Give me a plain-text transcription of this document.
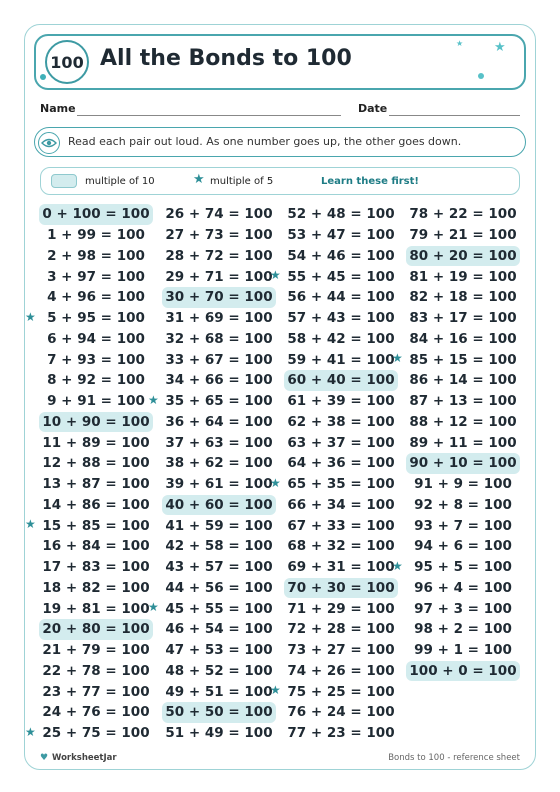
100 All the Bonds to 100
★ ★
Name	Date
Read each pair out loud. As one number goes up, the other goes down.
multiple of 10	★ multiple of 5	Learn these first!
0 + 100 = 100
1 + 99 = 100
2 + 98 = 100
3 + 97 = 100
4 + 96 = 100
★ 5 + 95 = 100
6 + 94 = 100
7 + 93 = 100
8 + 92 = 100
9 + 91 = 100
10 + 90 = 100
11 + 89 = 100
12 + 88 = 100
13 + 87 = 100
14 + 86 = 100
★ 15 + 85 = 100
16 + 84 = 100
17 + 83 = 100
18 + 82 = 100
19 + 81 = 100
20 + 80 = 100
21 + 79 = 100
22 + 78 = 100
23 + 77 = 100
24 + 76 = 100
★ 25 + 75 = 100
26 + 74 = 100
27 + 73 = 100
28 + 72 = 100
29 + 71 = 100
30 + 70 = 100
31 + 69 = 100
32 + 68 = 100
33 + 67 = 100
34 + 66 = 100
★ 35 + 65 = 100
36 + 64 = 100
37 + 63 = 100
38 + 62 = 100
39 + 61 = 100
40 + 60 = 100
41 + 59 = 100
42 + 58 = 100
43 + 57 = 100
44 + 56 = 100
★ 45 + 55 = 100
46 + 54 = 100
47 + 53 = 100
48 + 52 = 100
49 + 51 = 100
50 + 50 = 100
51 + 49 = 100
52 + 48 = 100
53 + 47 = 100
54 + 46 = 100
★ 55 + 45 = 100
56 + 44 = 100
57 + 43 = 100
58 + 42 = 100
59 + 41 = 100
60 + 40 = 100
61 + 39 = 100
62 + 38 = 100
63 + 37 = 100
64 + 36 = 100
★ 65 + 35 = 100
66 + 34 = 100
67 + 33 = 100
68 + 32 = 100
69 + 31 = 100
70 + 30 = 100
71 + 29 = 100
72 + 28 = 100
73 + 27 = 100
74 + 26 = 100
★ 75 + 25 = 100
76 + 24 = 100
77 + 23 = 100
78 + 22 = 100
79 + 21 = 100
80 + 20 = 100
81 + 19 = 100
82 + 18 = 100
83 + 17 = 100
84 + 16 = 100
★ 85 + 15 = 100
86 + 14 = 100
87 + 13 = 100
88 + 12 = 100
89 + 11 = 100
90 + 10 = 100
91 + 9 = 100
92 + 8 = 100
93 + 7 = 100
94 + 6 = 100
★ 95 + 5 = 100
96 + 4 = 100
97 + 3 = 100
98 + 2 = 100
99 + 1 = 100
100 + 0 = 100
♥ WorksheetJar	Bonds to 100 - reference sheet
